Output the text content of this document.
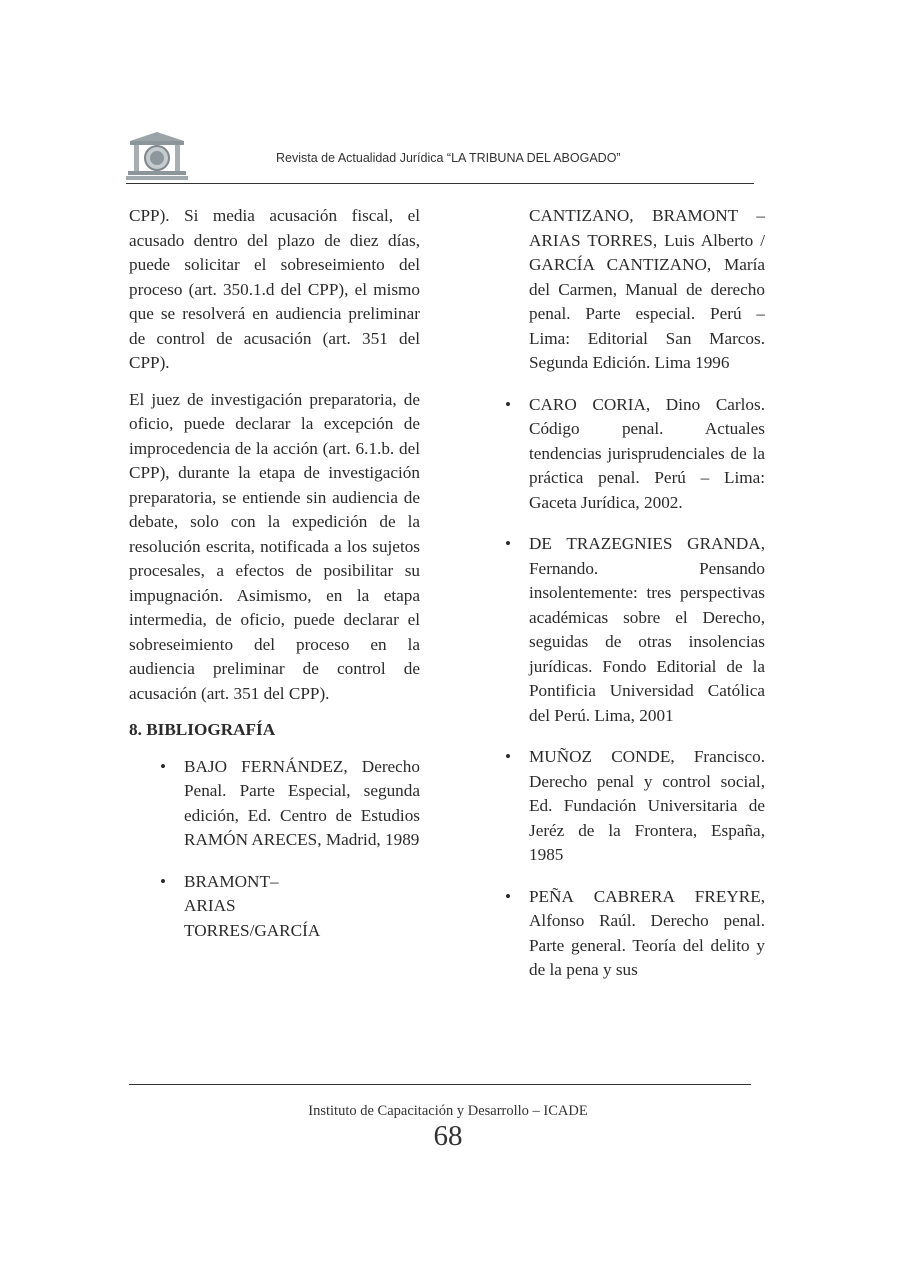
Revista de Actualidad Jurídica “LA TRIBUNA DEL ABOGADO”

CPP). Si media acusación fiscal, el acusado dentro del plazo de diez días, puede solicitar el sobreseimiento del proceso (art. 350.1.d del CPP), el mismo que se resolverá en audiencia preliminar de control de acusación (art. 351 del CPP).

El juez de investigación preparatoria, de oficio, puede declarar la excepción de improcedencia de la acción (art. 6.1.b. del CPP), durante la etapa de investigación preparatoria, se entiende sin audiencia de debate, solo con la expedición de la resolución escrita, notificada a los sujetos procesales, a efectos de posibilitar su impugnación. Asimismo, en la etapa intermedia, de oficio, puede declarar el sobreseimiento del proceso en la audiencia preliminar de control de acusación (art. 351 del CPP).

8. BIBLIOGRAFÍA
• BAJO FERNÁNDEZ, Derecho Penal. Parte Especial, segunda edición, Ed. Centro de Estudios RAMÓN ARECES, Madrid, 1989
• BRAMONT–ARIAS TORRES/GARCÍA
CANTIZANO, BRAMONT – ARIAS TORRES, Luis Alberto / GARCÍA CANTIZANO, María del Carmen, Manual de derecho penal. Parte especial. Perú – Lima: Editorial San Marcos. Segunda Edición. Lima 1996
• CARO CORIA, Dino Carlos. Código penal. Actuales tendencias jurisprudenciales de la práctica penal. Perú – Lima: Gaceta Jurídica, 2002.
• DE TRAZEGNIES GRANDA, Fernando. Pensando insolentemente: tres perspectivas académicas sobre el Derecho, seguidas de otras insolencias jurídicas. Fondo Editorial de la Pontificia Universidad Católica del Perú. Lima, 2001
• MUÑOZ CONDE, Francisco. Derecho penal y control social, Ed. Fundación Universitaria de Jeréz de la Frontera, España, 1985
• PEÑA CABRERA FREYRE, Alfonso Raúl. Derecho penal. Parte general. Teoría del delito y de la pena y sus
Instituto de Capacitación y Desarrollo – ICADE
68
